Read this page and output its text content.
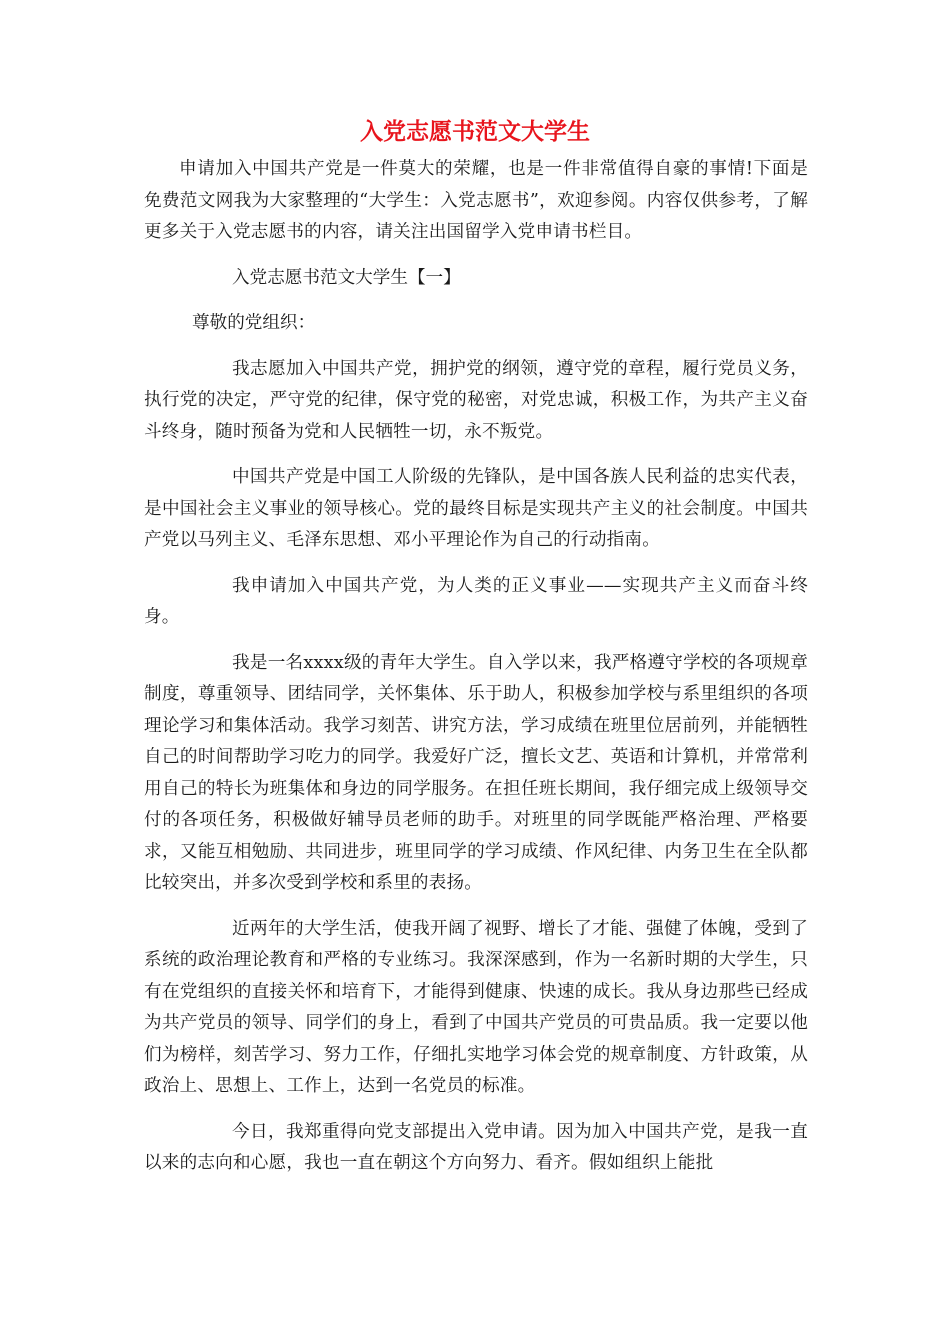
入党志愿书范文大学生

申请加入中国共产党是一件莫大的荣耀，也是一件非常值得自豪的事情!下面是免费范文网我为大家整理的“大学生：入党志愿书”，欢迎参阅。内容仅供参考，了解更多关于入党志愿书的内容，请关注出国留学入党申请书栏目。

入党志愿书范文大学生【一】

尊敬的党组织：

我志愿加入中国共产党，拥护党的纲领，遵守党的章程，履行党员义务，执行党的决定，严守党的纪律，保守党的秘密，对党忠诚，积极工作，为共产主义奋斗终身，随时预备为党和人民牺牲一切，永不叛党。

中国共产党是中国工人阶级的先锋队，是中国各族人民利益的忠实代表，是中国社会主义事业的领导核心。党的最终目标是实现共产主义的社会制度。中国共产党以马列主义、毛泽东思想、邓小平理论作为自己的行动指南。

我申请加入中国共产党，为人类的正义事业——实现共产主义而奋斗终身。

我是一名xxxx级的青年大学生。自入学以来，我严格遵守学校的各项规章制度，尊重领导、团结同学，关怀集体、乐于助人，积极参加学校与系里组织的各项理论学习和集体活动。我学习刻苦、讲究方法，学习成绩在班里位居前列，并能牺牲自己的时间帮助学习吃力的同学。我爱好广泛，擅长文艺、英语和计算机，并常常利用自己的特长为班集体和身边的同学服务。在担任班长期间，我仔细完成上级领导交付的各项任务，积极做好辅导员老师的助手。对班里的同学既能严格治理、严格要求，又能互相勉励、共同进步，班里同学的学习成绩、作风纪律、内务卫生在全队都比较突出，并多次受到学校和系里的表扬。

近两年的大学生活，使我开阔了视野、增长了才能、强健了体魄，受到了系统的政治理论教育和严格的专业练习。我深深感到，作为一名新时期的大学生，只有在党组织的直接关怀和培育下，才能得到健康、快速的成长。我从身边那些已经成为共产党员的领导、同学们的身上，看到了中国共产党员的可贵品质。我一定要以他们为榜样，刻苦学习、努力工作，仔细扎实地学习体会党的规章制度、方针政策，从政治上、思想上、工作上，达到一名党员的标准。

今日，我郑重得向党支部提出入党申请。因为加入中国共产党，是我一直以来的志向和心愿，我也一直在朝这个方向努力、看齐。假如组织上能批
